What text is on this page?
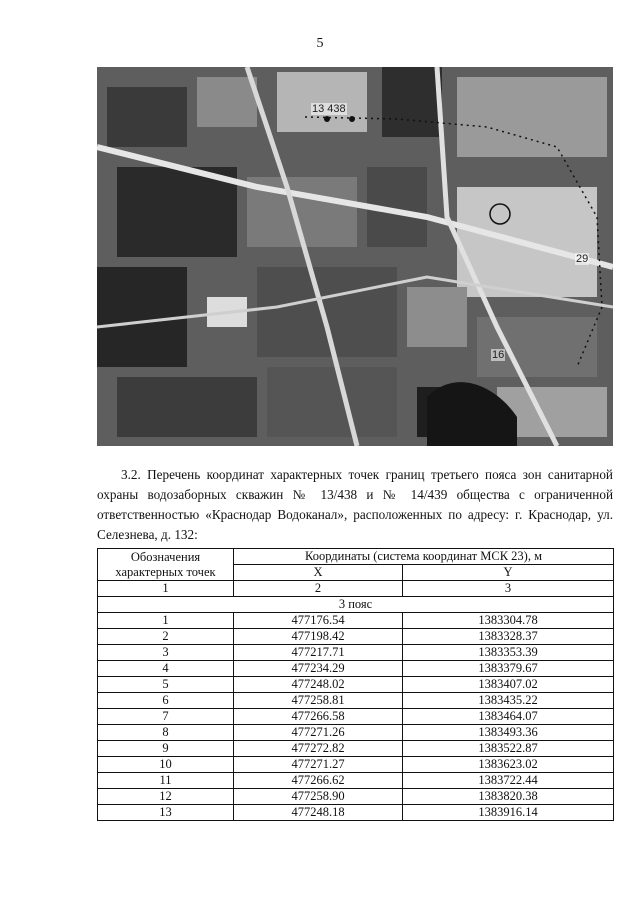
5
13 438
29
16

3.2. Перечень координат характерных точек границ третьего пояса зон санитарной охраны водозаборных скважин № 13/438 и № 14/439 общества с ограниченной ответственностью «Краснодар Водоканал», расположенных по адресу: г. Краснодар, ул. Селезнева, д. 132:

Обозначения характерных точек	Координаты (система координат МСК 23), м	
	X	Y
1	2	3
3 пояс		
1	477176.54	1383304.78
2	477198.42	1383328.37
3	477217.71	1383353.39
4	477234.29	1383379.67
5	477248.02	1383407.02
6	477258.81	1383435.22
7	477266.58	1383464.07
8	477271.26	1383493.36
9	477272.82	1383522.87
10	477271.27	1383623.02
11	477266.62	1383722.44
12	477258.90	1383820.38
13	477248.18	1383916.14
